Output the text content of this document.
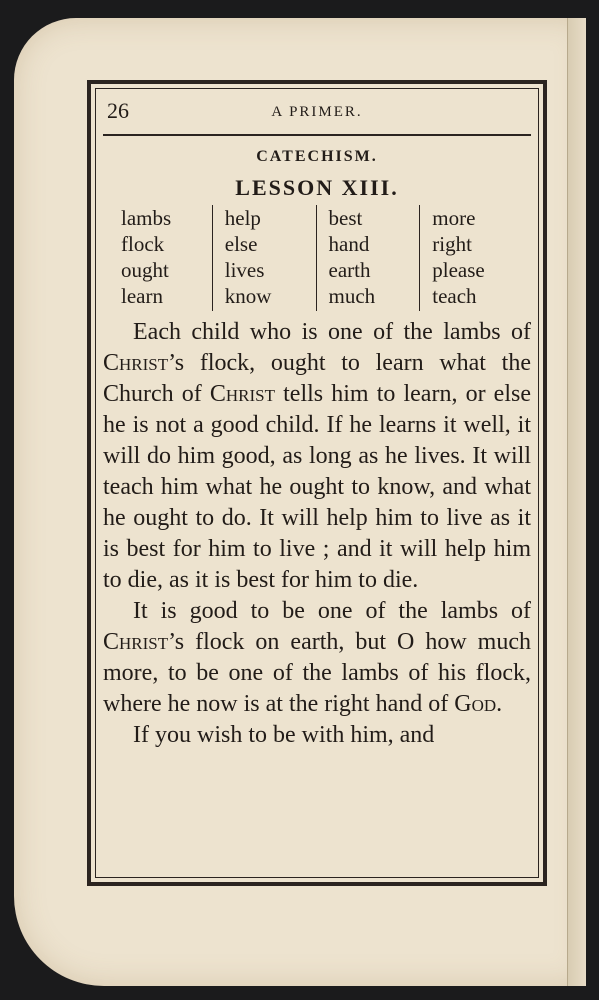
26	A PRIMER.
CATECHISM.
LESSON XIII.
lambs
flock
ought
learn
help
else
lives
know
best
hand
earth
much
more
right
please
teach

Each child who is one of the lambs of Christ’s flock, ought to learn what the Church of Christ tells him to learn, or else he is not a good child. If he learns it well, it will do him good, as long as he lives. It will teach him what he ought to know, and what he ought to do. It will help him to live as it is best for him to live ; and it will help him to die, as it is best for him to die.

It is good to be one of the lambs of Christ’s flock on earth, but O how much more, to be one of the lambs of his flock, where he now is at the right hand of God.

If you wish to be with him, and
